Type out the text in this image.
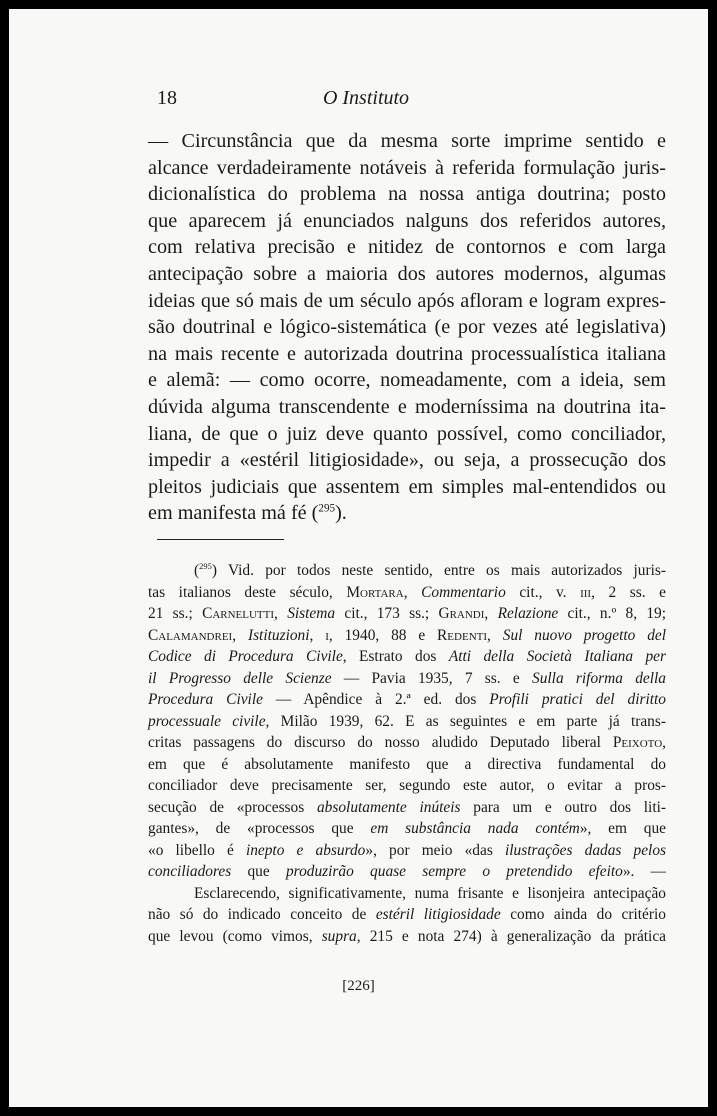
18	O Instituto
— Circunstância que da mesma sorte imprime sentido e
alcance verdadeiramente notáveis à referida formulação juris-
dicionalística do problema na nossa antiga doutrina; posto
que aparecem já enunciados nalguns dos referidos autores,
com relativa precisão e nitidez de contornos e com larga
antecipação sobre a maioria dos autores modernos, algumas
ideias que só mais de um século após afloram e logram expres-
são doutrinal e lógico-sistemática (e por vezes até legislativa)
na mais recente e autorizada doutrina processualística italiana
e alemã: — como ocorre, nomeadamente, com a ideia, sem
dúvida alguma transcendente e moderníssima na doutrina ita-
liana, de que o juiz deve quanto possível, como conciliador,
impedir a «estéril litigiosidade», ou seja, a prossecução dos
pleitos judiciais que assentem em simples mal-entendidos ou
em manifesta má fé ($^{295}$).
($^{295}$) Vid. por todos neste sentido, entre os mais autorizados juris-
tas italianos deste século, Mortara, Commentario cit., v. iii, 2 ss. e
21 ss.; Carnelutti, Sistema cit., 173 ss.; Grandi, Relazione cit., n.º 8, 19;
Calamandrei, Istituzioni, i, 1940, 88 e Redenti, Sul nuovo progetto del
Codice di Procedura Civile, Estrato dos Atti della Società Italiana per
il Progresso delle Scienze — Pavia 1935, 7 ss. e Sulla riforma della
Procedura Civile — Apêndice à 2.ª ed. dos Profili pratici del diritto
processuale civile, Milão 1939, 62. E as seguintes e em parte já trans-
critas passagens do discurso do nosso aludido Deputado liberal Peixoto,
em que é absolutamente manifesto que a directiva fundamental do
conciliador deve precisamente ser, segundo este autor, o evitar a pros-
secução de «processos absolutamente inúteis para um e outro dos liti-
gantes», de «processos que em substância nada contém», em que
«o libello é inepto e absurdo», por meio «das ilustrações dadas pelos
conciliadores que produzirão quase sempre o pretendido efeito». —
Esclarecendo, significativamente, numa frisante e lisonjeira antecipação
não só do indicado conceito de estéril litigiosidade como ainda do critério
que levou (como vimos, supra, 215 e nota 274) à generalização da prática
[226]
